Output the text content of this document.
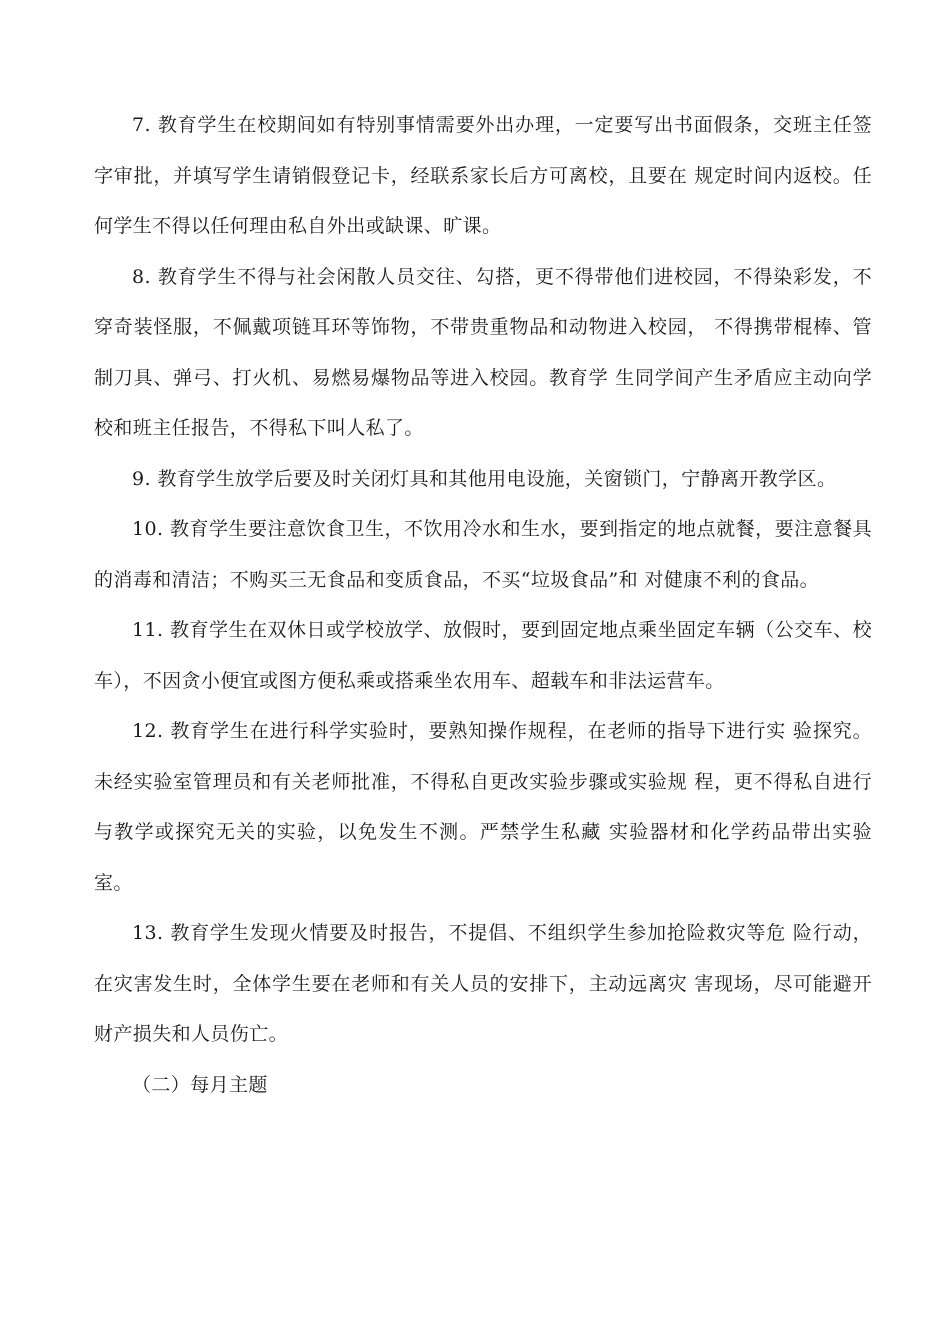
7. 教育学生在校期间如有特别事情需要外出办理，一定要写出书面假条，交班主任签字审批，并填写学生请销假登记卡，经联系家长后方可离校，且要在 规定时间内返校。任何学生不得以任何理由私自外出或缺课、旷课。

8. 教育学生不得与社会闲散人员交往、勾搭，更不得带他们进校园，不得染彩发，不穿奇装怪服，不佩戴项链耳环等饰物，不带贵重物品和动物进入校园， 不得携带棍棒、管制刀具、弹弓、打火机、易燃易爆物品等进入校园。教育学 生同学间产生矛盾应主动向学校和班主任报告，不得私下叫人私了。

9. 教育学生放学后要及时关闭灯具和其他用电设施，关窗锁门，宁静离开教学区。

10. 教育学生要注意饮食卫生，不饮用冷水和生水，要到指定的地点就餐，要注意餐具的消毒和清洁；不购买三无食品和变质食品，不买“垃圾食品”和 对健康不利的食品。

11. 教育学生在双休日或学校放学、放假时，要到固定地点乘坐固定车辆（公交车、校车），不因贪小便宜或图方便私乘或搭乘坐农用车、超载车和非法运营车。

12. 教育学生在进行科学实验时，要熟知操作规程，在老师的指导下进行实 验探究。未经实验室管理员和有关老师批准，不得私自更改实验步骤或实验规 程，更不得私自进行与教学或探究无关的实验，以免发生不测。严禁学生私藏 实验器材和化学药品带出实验室。

13. 教育学生发现火情要及时报告，不提倡、不组织学生参加抢险救灾等危 险行动，在灾害发生时，全体学生要在老师和有关人员的安排下，主动远离灾 害现场，尽可能避开财产损失和人员伤亡。

（二）每月主题
